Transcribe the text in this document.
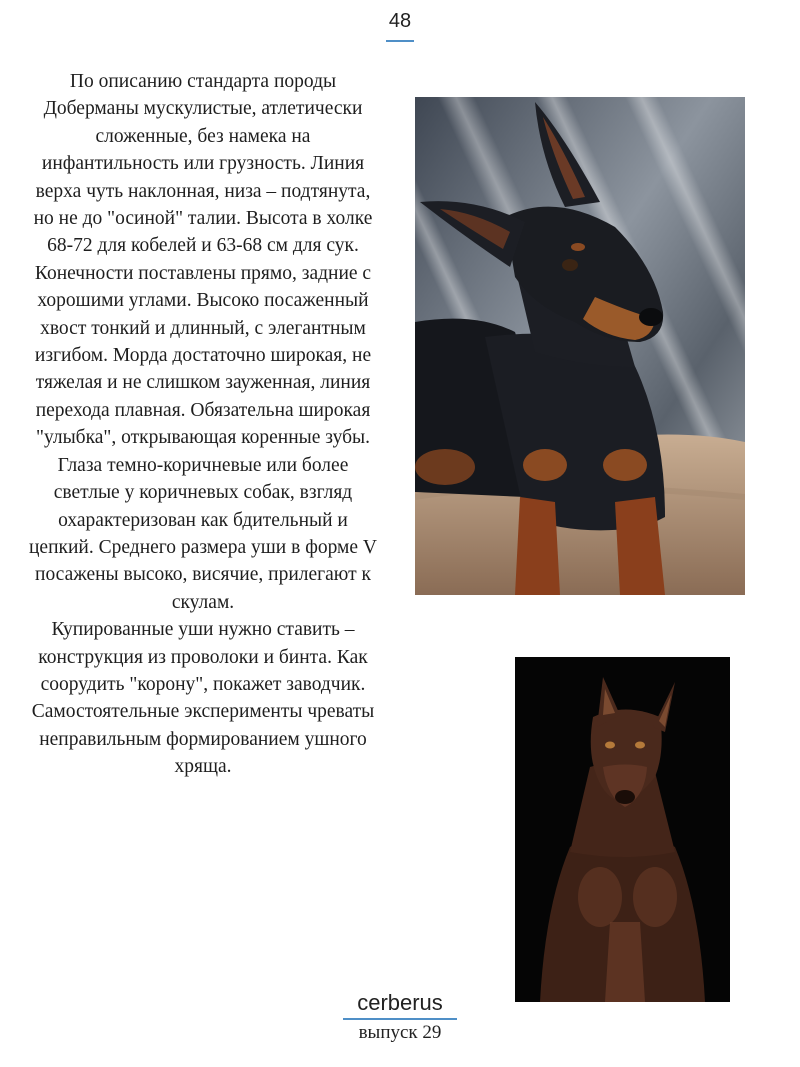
48

По описанию стандарта породы Доберманы мускулистые, атлетически сложенные, без намека на инфантильность или грузность. Линия верха чуть наклонная, низа – подтянута, но не до "осиной" талии. Высота в холке 68-72 для кобелей и 63-68 см для сук.

Конечности поставлены прямо, задние с хорошими углами. Высоко посаженный хвост тонкий и длинный, с элегантным изгибом. Морда достаточно широкая, не тяжелая и не слишком зауженная, линия перехода плавная. Обязательна широкая "улыбка", открывающая коренные зубы.

Глаза темно-коричневые или более светлые у коричневых собак, взгляд охарактеризован как бдительный и цепкий. Среднего размера уши в форме V посажены высоко, висячие, прилегают к скулам.

Купированные уши нужно ставить – конструкция из проволоки и бинта. Как соорудить "корону", покажет заводчик. Самостоятельные эксперименты чреваты неправильным формированием ушного хряща.

cerberus
выпуск 29
